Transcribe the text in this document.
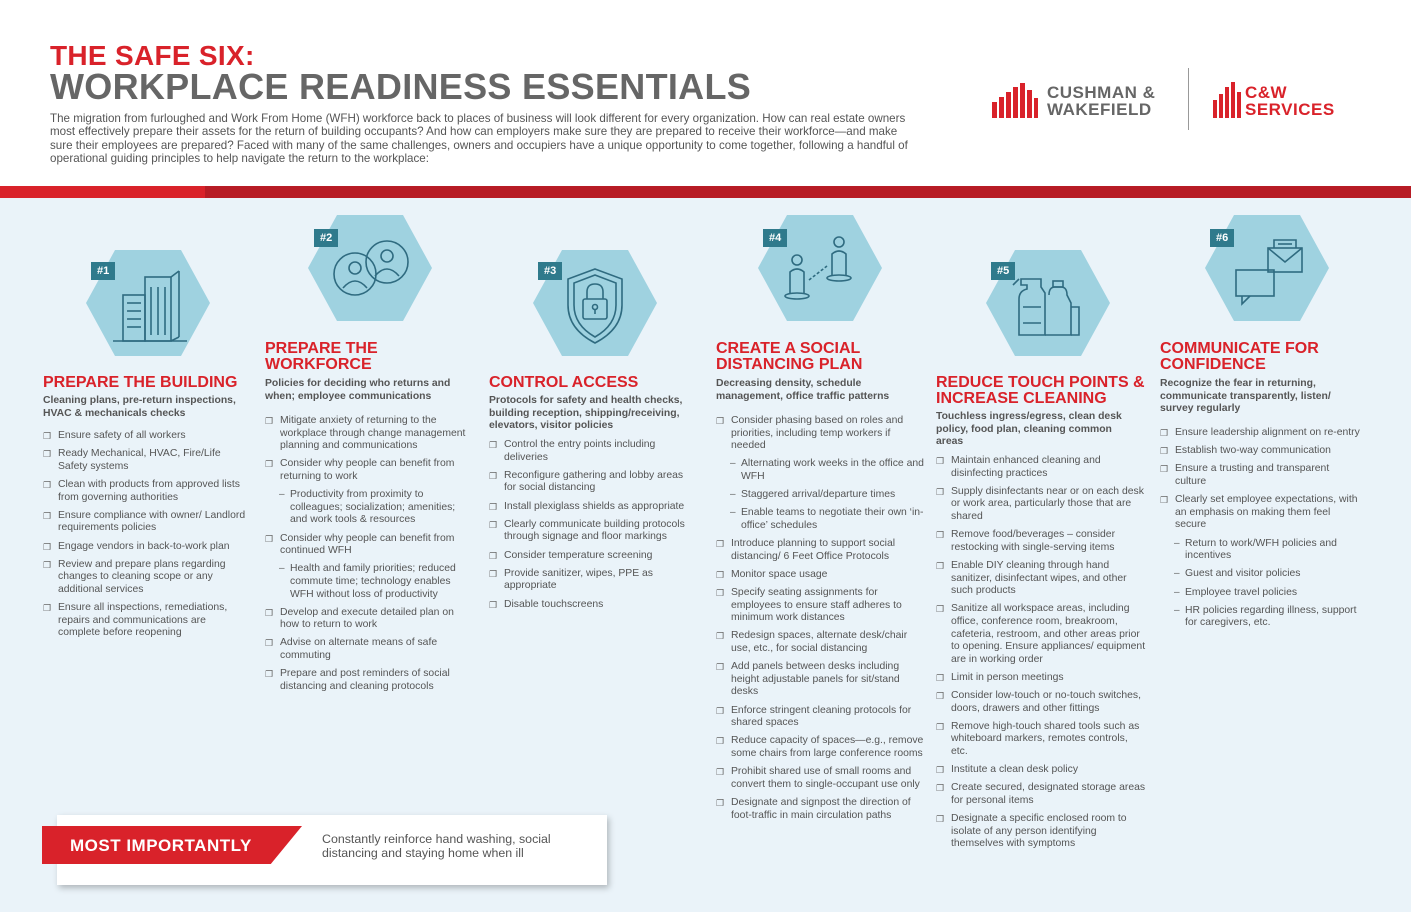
THE SAFE SIX:
WORKPLACE READINESS ESSENTIALS
The migration from furloughed and Work From Home (WFH) workforce back to places of business will look different for every organization. How can real estate owners most effectively prepare their assets for the return of building occupants? And how can employers make sure they are prepared to receive their workforce—and make sure their employees are prepared? Faced with many of the same challenges, owners and occupiers have a unique opportunity to come together, following a handful of operational guiding principles to help navigate the return to the workplace:
CUSHMAN &
WAKEFIELD
C&W
SERVICES
#1
PREPARE THE BUILDING
Cleaning plans, pre-return inspections, HVAC & mechanicals checks
❐ Ensure safety of all workers
❐ Ready Mechanical, HVAC, Fire/Life Safety systems
❐ Clean with products from approved lists from governing authorities
❐ Ensure compliance with owner/ Landlord requirements policies
❐ Engage vendors in back-to-work plan
❐ Review and prepare plans regarding changes to cleaning scope or any additional services
❐ Ensure all inspections, remediations, repairs and communications are complete before reopening
#2
PREPARE THE WORKFORCE
Policies for deciding who returns and when; employee communications
❐ Mitigate anxiety of returning to the workplace through change management planning and communications
❐ Consider why people can benefit from returning to work
– Productivity from proximity to colleagues; socialization; amenities; and work tools & resources
❐ Consider why people can benefit from continued WFH
– Health and family priorities; reduced commute time; technology enables WFH without loss of productivity
❐ Develop and execute detailed plan on how to return to work
❐ Advise on alternate means of safe commuting
❐ Prepare and post reminders of social distancing and cleaning protocols
#3
CONTROL ACCESS
Protocols for safety and health checks, building reception, shipping/receiving, elevators, visitor policies
❐ Control the entry points including deliveries
❐ Reconfigure gathering and lobby areas for social distancing
❐ Install plexiglass shields as appropriate
❐ Clearly communicate building protocols through signage and floor markings
❐ Consider temperature screening
❐ Provide sanitizer, wipes, PPE as appropriate
❐ Disable touchscreens
#4
CREATE A SOCIAL DISTANCING PLAN
Decreasing density, schedule management, office traffic patterns
❐ Consider phasing based on roles and priorities, including temp workers if needed
– Alternating work weeks in the office and WFH
– Staggered arrival/departure times
– Enable teams to negotiate their own ‘in-office’ schedules
❐ Introduce planning to support social distancing/ 6 Feet Office Protocols
❐ Monitor space usage
❐ Specify seating assignments for employees to ensure staff adheres to minimum work distances
❐ Redesign spaces, alternate desk/chair use, etc., for social distancing
❐ Add panels between desks including height adjustable panels for sit/stand desks
❐ Enforce stringent cleaning protocols for shared spaces
❐ Reduce capacity of spaces—e.g., remove some chairs from large conference rooms
❐ Prohibit shared use of small rooms and convert them to single-occupant use only
❐ Designate and signpost the direction of foot-traffic in main circulation paths
#5
REDUCE TOUCH POINTS & INCREASE CLEANING
Touchless ingress/egress, clean desk policy, food plan, cleaning common areas
❐ Maintain enhanced cleaning and disinfecting practices
❐ Supply disinfectants near or on each desk or work area, particularly those that are shared
❐ Remove food/beverages – consider restocking with single-serving items
❐ Enable DIY cleaning through hand sanitizer, disinfectant wipes, and other such products
❐ Sanitize all workspace areas, including office, conference room, breakroom, cafeteria, restroom, and other areas prior to opening. Ensure appliances/ equipment are in working order
❐ Limit in person meetings
❐ Consider low-touch or no-touch switches, doors, drawers and other fittings
❐ Remove high-touch shared tools such as whiteboard markers, remotes controls, etc.
❐ Institute a clean desk policy
❐ Create secured, designated storage areas for personal items
❐ Designate a specific enclosed room to isolate of any person identifying themselves with symptoms
#6
COMMUNICATE FOR CONFIDENCE
Recognize the fear in returning, communicate transparently, listen/ survey regularly
❐ Ensure leadership alignment on re-entry
❐ Establish two-way communication
❐ Ensure a trusting and transparent culture
❐ Clearly set employee expectations, with an emphasis on making them feel secure
– Return to work/WFH policies and incentives
– Guest and visitor policies
– Employee travel policies
– HR policies regarding illness, support for caregivers, etc.
MOST IMPORTANTLY	Constantly reinforce hand washing, social distancing and staying home when ill
